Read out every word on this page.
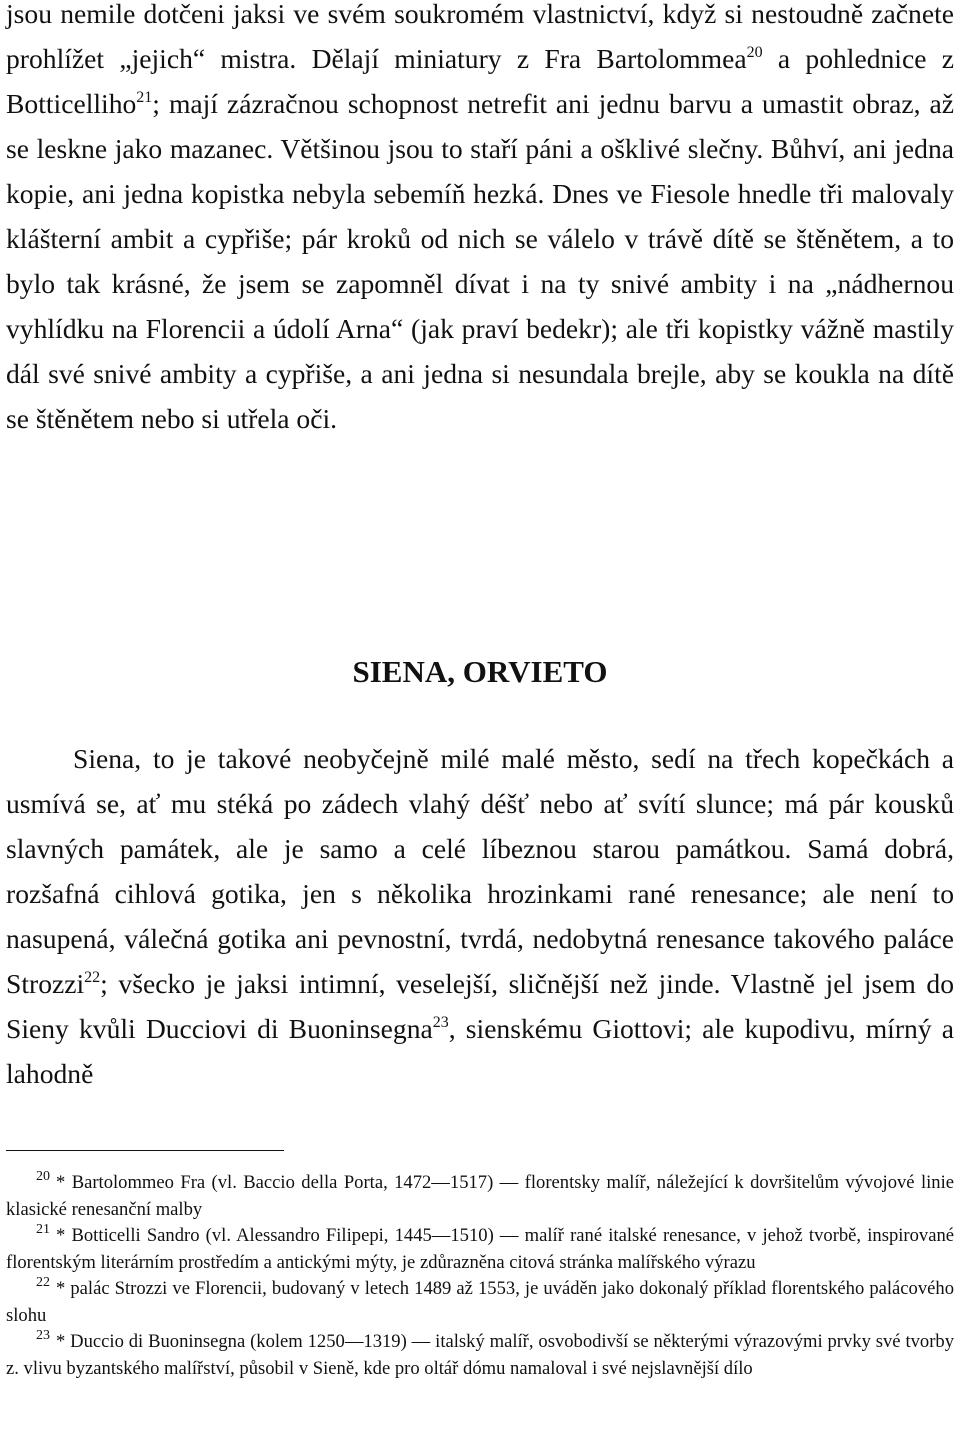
jsou nemile dotčeni jaksi ve svém soukromém vlastnictví, když si nestoudně začnete prohlížet „jejich“ mistra. Dělají miniatury z Fra Bartolommea$^{20}$ a pohlednice z Botticelliho$^{21}$; mají zázračnou schopnost netrefit ani jednu barvu a umastit obraz, až se leskne jako mazanec. Většinou jsou to staří páni a ošklivé slečny. Bůhví, ani jedna kopie, ani jedna kopistka nebyla sebemíň hezká. Dnes ve Fiesole hnedle tři malovaly klášterní ambit a cypřiše; pár kroků od nich se válelo v trávě dítě se štěnětem, a to bylo tak krásné, že jsem se zapomněl dívat i na ty snivé ambity i na „nádhernou vyhlídku na Florencii a údolí Arna“ (jak praví bedekr); ale tři kopistky vážně mastily dál své snivé ambity a cypřiše, a ani jedna si nesundala brejle, aby se koukla na dítě se štěnětem nebo si utřela oči.

SIENA, ORVIETO

Siena, to je takové neobyčejně milé malé město, sedí na třech kopečkách a usmívá se, ať mu stéká po zádech vlahý déšť nebo ať svítí slunce; má pár kousků slavných památek, ale je samo a celé líbeznou starou památkou. Samá dobrá, rozšafná cihlová gotika, jen s několika hrozinkami rané renesance; ale není to nasupená, válečná gotika ani pevnostní, tvrdá, nedobytná renesance takového paláce Strozzi$^{22}$; všecko je jaksi intimní, veselejší, sličnější než jinde. Vlastně jel jsem do Sieny kvůli Ducciovi di Buoninsegna$^{23}$, sienskému Giottovi; ale kupodivu, mírný a lahodně

$^{20}$ * Bartolommeo Fra (vl. Baccio della Porta, 1472—1517) — florentsky malíř, náležející k dovršitelům vývojové linie klasické renesanční malby

$^{21}$ * Botticelli Sandro (vl. Alessandro Filipepi, 1445—1510) — malíř rané italské renesance, v jehož tvorbě, inspirované florentským literárním prostředím a antickými mýty, je zdůrazněna citová stránka malířského výrazu

$^{22}$ * palác Strozzi ve Florencii, budovaný v letech 1489 až 1553, je uváděn jako dokonalý příklad florentského palácového slohu

$^{23}$ * Duccio di Buoninsegna (kolem 1250—1319) — italský malíř, osvobodivší se některými výrazovými prvky své tvorby z. vlivu byzantského malířství, působil v Sieně, kde pro oltář dómu namaloval i své nejslavnější dílo
